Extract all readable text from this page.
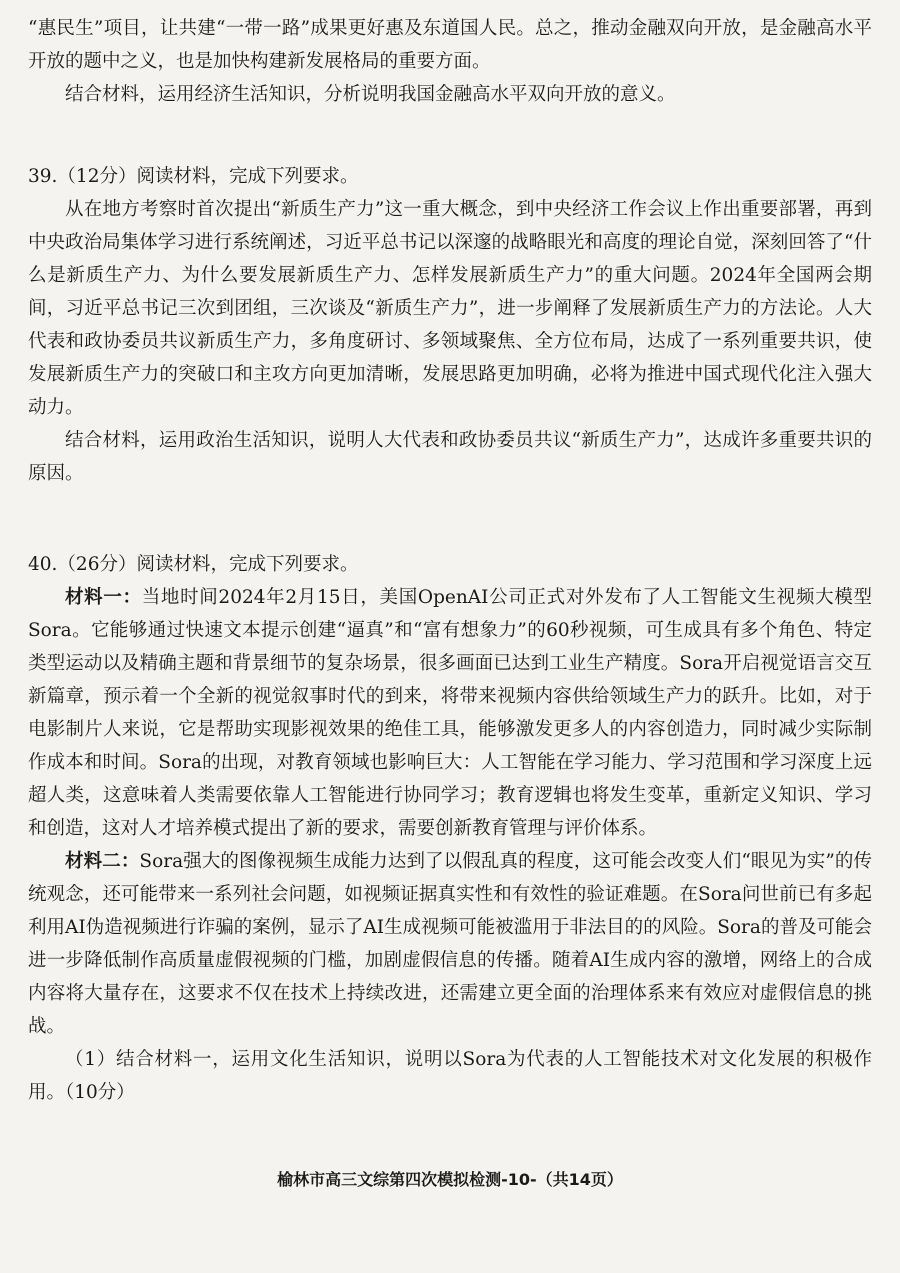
“惠民生”项目，让共建“一带一路”成果更好惠及东道国人民。总之，推动金融双向开放，是金融高水平开放的题中之义，也是加快构建新发展格局的重要方面。

结合材料，运用经济生活知识，分析说明我国金融高水平双向开放的意义。

39.（12分）阅读材料，完成下列要求。

从在地方考察时首次提出“新质生产力”这一重大概念，到中央经济工作会议上作出重要部署，再到中央政治局集体学习进行系统阐述，习近平总书记以深邃的战略眼光和高度的理论自觉，深刻回答了“什么是新质生产力、为什么要发展新质生产力、怎样发展新质生产力”的重大问题。2024年全国两会期间，习近平总书记三次到团组，三次谈及“新质生产力”，进一步阐释了发展新质生产力的方法论。人大代表和政协委员共议新质生产力，多角度研讨、多领域聚焦、全方位布局，达成了一系列重要共识，使发展新质生产力的突破口和主攻方向更加清晰，发展思路更加明确，必将为推进中国式现代化注入强大动力。

结合材料，运用政治生活知识，说明人大代表和政协委员共议“新质生产力”，达成许多重要共识的原因。

40.（26分）阅读材料，完成下列要求。

材料一：当地时间2024年2月15日，美国OpenAI公司正式对外发布了人工智能文生视频大模型Sora。它能够通过快速文本提示创建“逼真”和“富有想象力”的60秒视频，可生成具有多个角色、特定类型运动以及精确主题和背景细节的复杂场景，很多画面已达到工业生产精度。Sora开启视觉语言交互新篇章，预示着一个全新的视觉叙事时代的到来，将带来视频内容供给领域生产力的跃升。比如，对于电影制片人来说，它是帮助实现影视效果的绝佳工具，能够激发更多人的内容创造力，同时减少实际制作成本和时间。Sora的出现，对教育领域也影响巨大：人工智能在学习能力、学习范围和学习深度上远超人类，这意味着人类需要依靠人工智能进行协同学习；教育逻辑也将发生变革，重新定义知识、学习和创造，这对人才培养模式提出了新的要求，需要创新教育管理与评价体系。

材料二：Sora强大的图像视频生成能力达到了以假乱真的程度，这可能会改变人们“眼见为实”的传统观念，还可能带来一系列社会问题，如视频证据真实性和有效性的验证难题。在Sora问世前已有多起利用AI伪造视频进行诈骗的案例，显示了AI生成视频可能被滥用于非法目的的风险。Sora的普及可能会进一步降低制作高质量虚假视频的门槛，加剧虚假信息的传播。随着AI生成内容的激增，网络上的合成内容将大量存在，这要求不仅在技术上持续改进，还需建立更全面的治理体系来有效应对虚假信息的挑战。

（1）结合材料一，运用文化生活知识，说明以Sora为代表的人工智能技术对文化发展的积极作用。（10分）

榆林市高三文综第四次模拟检测-10-（共14页）
